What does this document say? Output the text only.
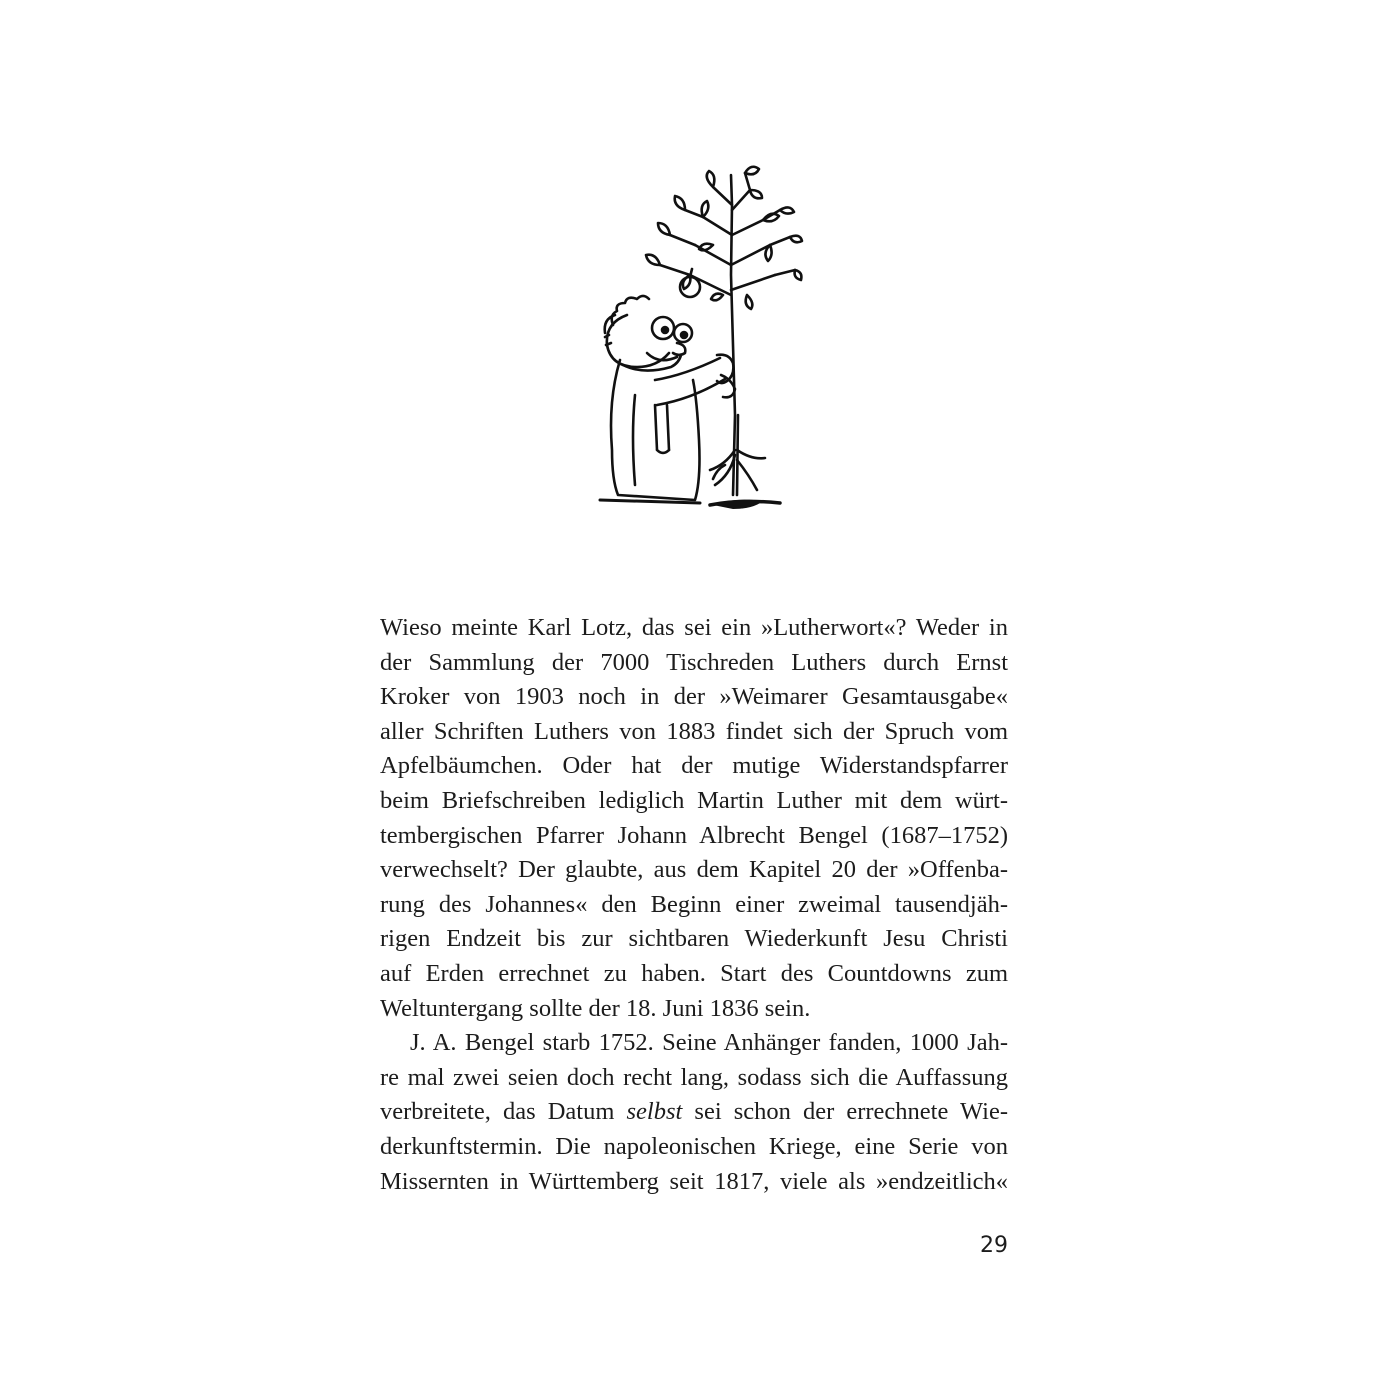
Wieso meinte Karl Lotz, das sei ein »Lutherwort«? Weder in
der Sammlung der 7000 Tischreden Luthers durch Ernst
Kroker von 1903 noch in der »Weimarer Gesamtausgabe«
aller Schriften Luthers von 1883 findet sich der Spruch vom
Apfelbäumchen. Oder hat der mutige Widerstandspfarrer
beim Briefschreiben lediglich Martin Luther mit dem würt-
tembergischen Pfarrer Johann Albrecht Bengel (1687–1752)
verwechselt? Der glaubte, aus dem Kapitel 20 der »Offenba-
rung des Johannes« den Beginn einer zweimal tausendjäh-
rigen Endzeit bis zur sichtbaren Wiederkunft Jesu Christi
auf Erden errechnet zu haben. Start des Countdowns zum
Weltuntergang sollte der 18. Juni 1836 sein.
J. A. Bengel starb 1752. Seine Anhänger fanden, 1000 Jah-
re mal zwei seien doch recht lang, sodass sich die Auffassung
verbreitete, das Datum selbst sei schon der errechnete Wie-
derkunftstermin. Die napoleonischen Kriege, eine Serie von
Missernten in Württemberg seit 1817, viele als »endzeitlich«
29
